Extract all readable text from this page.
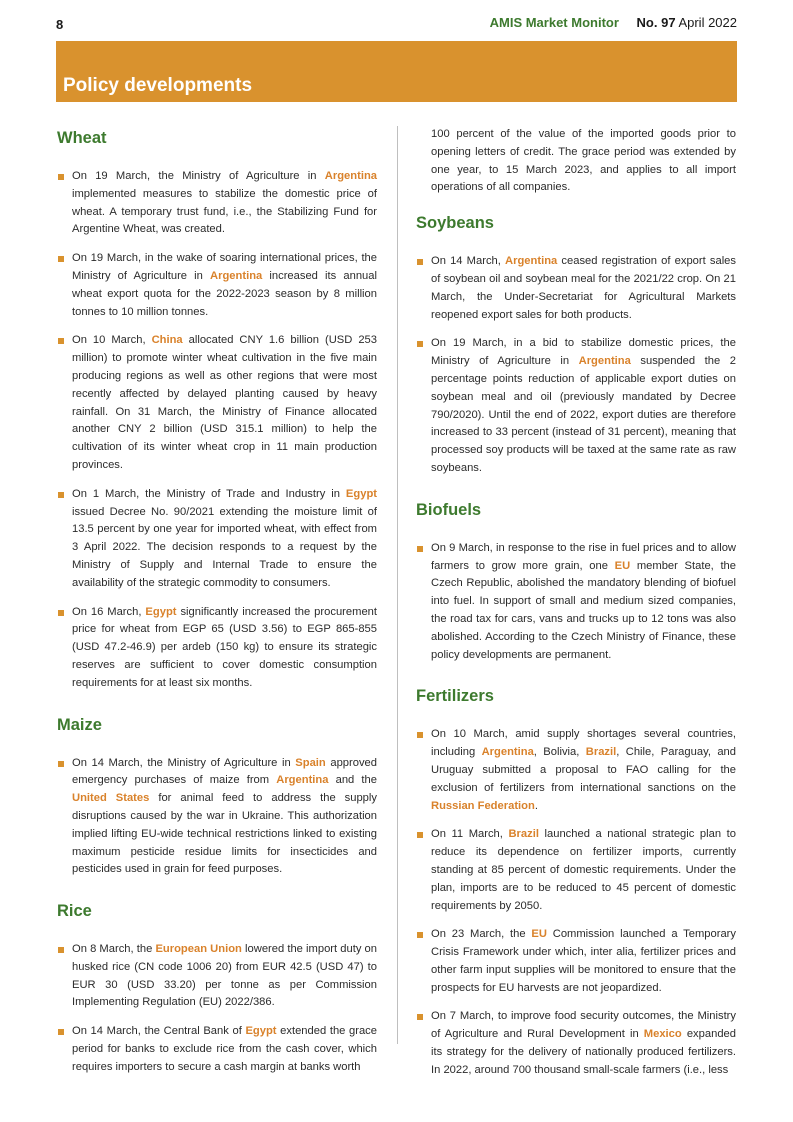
8	AMIS Market Monitor No. 97 April 2022
Policy developments
Wheat
On 19 March, the Ministry of Agriculture in Argentina implemented measures to stabilize the domestic price of wheat. A temporary trust fund, i.e., the Stabilizing Fund for Argentine Wheat, was created.
On 19 March, in the wake of soaring international prices, the Ministry of Agriculture in Argentina increased its annual wheat export quota for the 2022-2023 season by 8 million tonnes to 10 million tonnes.
On 10 March, China allocated CNY 1.6 billion (USD 253 million) to promote winter wheat cultivation in the five main producing regions as well as other regions that were most recently affected by delayed planting caused by heavy rainfall. On 31 March, the Ministry of Finance allocated another CNY 2 billion (USD 315.1 million) to help the cultivation of its winter wheat crop in 11 main production provinces.
On 1 March, the Ministry of Trade and Industry in Egypt issued Decree No. 90/2021 extending the moisture limit of 13.5 percent by one year for imported wheat, with effect from 3 April 2022. The decision responds to a request by the Ministry of Supply and Internal Trade to ensure the availability of the strategic commodity to consumers.
On 16 March, Egypt significantly increased the procurement price for wheat from EGP 65 (USD 3.56) to EGP 865-855 (USD 47.2-46.9) per ardeb (150 kg) to ensure its strategic reserves are sufficient to cover domestic consumption requirements for at least six months.
Maize
On 14 March, the Ministry of Agriculture in Spain approved emergency purchases of maize from Argentina and the United States for animal feed to address the supply disruptions caused by the war in Ukraine. This authorization implied lifting EU-wide technical restrictions linked to existing maximum pesticide residue limits for insecticides and pesticides used in grain for feed purposes.
Rice
On 8 March, the European Union lowered the import duty on husked rice (CN code 1006 20) from EUR 42.5 (USD 47) to EUR 30 (USD 33.20) per tonne as per Commission Implementing Regulation (EU) 2022/386.
On 14 March, the Central Bank of Egypt extended the grace period for banks to exclude rice from the cash cover, which requires importers to secure a cash margin at banks worth

100 percent of the value of the imported goods prior to opening letters of credit. The grace period was extended by one year, to 15 March 2023, and applies to all import operations of all companies.

Soybeans
On 14 March, Argentina ceased registration of export sales of soybean oil and soybean meal for the 2021/22 crop. On 21 March, the Under-Secretariat for Agricultural Markets reopened export sales for both products.
On 19 March, in a bid to stabilize domestic prices, the Ministry of Agriculture in Argentina suspended the 2 percentage points reduction of applicable export duties on soybean meal and oil (previously mandated by Decree 790/2020). Until the end of 2022, export duties are therefore increased to 33 percent (instead of 31 percent), meaning that processed soy products will be taxed at the same rate as raw soybeans.
Biofuels
On 9 March, in response to the rise in fuel prices and to allow farmers to grow more grain, one EU member State, the Czech Republic, abolished the mandatory blending of biofuel into fuel. In support of small and medium sized companies, the road tax for cars, vans and trucks up to 12 tons was also abolished. According to the Czech Ministry of Finance, these policy developments are permanent.
Fertilizers
On 10 March, amid supply shortages several countries, including Argentina, Bolivia, Brazil, Chile, Paraguay, and Uruguay submitted a proposal to FAO calling for the exclusion of fertilizers from international sanctions on the Russian Federation.
On 11 March, Brazil launched a national strategic plan to reduce its dependence on fertilizer imports, currently standing at 85 percent of domestic requirements. Under the plan, imports are to be reduced to 45 percent of domestic requirements by 2050.
On 23 March, the EU Commission launched a Temporary Crisis Framework under which, inter alia, fertilizer prices and other farm input supplies will be monitored to ensure that the prospects for EU harvests are not jeopardized.
On 7 March, to improve food security outcomes, the Ministry of Agriculture and Rural Development in Mexico expanded its strategy for the delivery of nationally produced fertilizers. In 2022, around 700 thousand small-scale farmers (i.e., less
